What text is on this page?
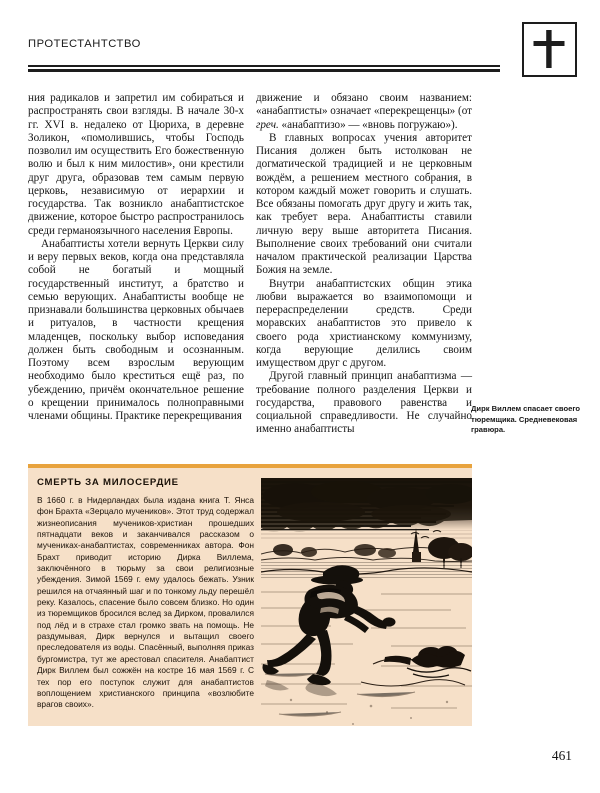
ПРОТЕСТАНТСТВО

ния радикалов и запретил им собираться и распространять свои взгляды. В начале 30-х гг. XVI в. недалеко от Цюриха, в деревне Золикон, «помолившись, чтобы Господь позволил им осуществить Его божественную волю и был к ним милостив», они крестили друг друга, образовав тем самым первую церковь, независимую от иерархии и государства. Так возникло анабаптистское движение, которое быстро распространилось среди германоязычного населения Европы.

Анабаптисты хотели вернуть Церкви силу и веру первых веков, когда она представляла собой не богатый и мощный государственный институт, а братство и семью верующих. Анабаптисты вообще не признавали большинства церковных обычаев и ритуалов, в частности крещения младенцев, поскольку выбор исповедания должен быть свободным и осознанным. Поэтому всем взрослым верующим необходимо было креститься ещё раз, по убеждению, причём окончательное решение о крещении принималось полноправными членами общины. Практике перекрещивания

движение и обязано своим названием: «анабаптисты» означает «перекрещенцы» (от греч. «анабаптизо» — «вновь погружаю»).

В главных вопросах учения авторитет Писания должен быть истолкован не догматической традицией и не церковным вождём, а решением местного собрания, в котором каждый может говорить и слушать. Все обязаны помогать друг другу и жить так, как требует вера. Анабаптисты ставили личную веру выше авторитета Писания. Выполнение своих требований они считали началом практической реализации Царства Божия на земле.

Внутри анабаптистских общин этика любви выражается во взаимопомощи и перераспределении средств. Среди моравских анабаптистов это привело к своего рода христианскому коммунизму, когда верующие делились своим имуществом друг с другом.

Другой главный принцип анабаптизма — требование полного разделения Церкви и государства, правового равенства и социальной справедливости. Не случайно именно анабаптисты

Дирк Виллем спасает своего тюремщика. Средневековая гравюра.

СМЕРТЬ ЗА МИЛОСЕРДИЕ

В 1660 г. в Нидерландах была издана книга Т. Янса фон Брахта «Зерцало мучеников». Этот труд содержал жизнеописания мучеников-христиан прошедших пятнадцати веков и заканчивался рассказом о мучениках-анабаптистах, современниках автора. Фон Брахт приводит историю Дирка Виллема, заключённого в тюрьму за свои религиозные убеждения. Зимой 1569 г. ему удалось бежать. Узник решился на отчаянный шаг и по тонкому льду перешёл реку. Казалось, спасение было совсем близко. Но один из тюремщиков бросился вслед за Дирком, провалился под лёд и в страхе стал громко звать на помощь. Не раздумывая, Дирк вернулся и вытащил своего преследователя из воды. Спасённый, выполняя приказ бургомистра, тут же арестовал спасителя. Анабаптист Дирк Виллем был сожжён на костре 16 мая 1569 г. С тех пор его поступок служит для анабаптистов воплощением христианского принципа «возлюбите врагов своих».

461
